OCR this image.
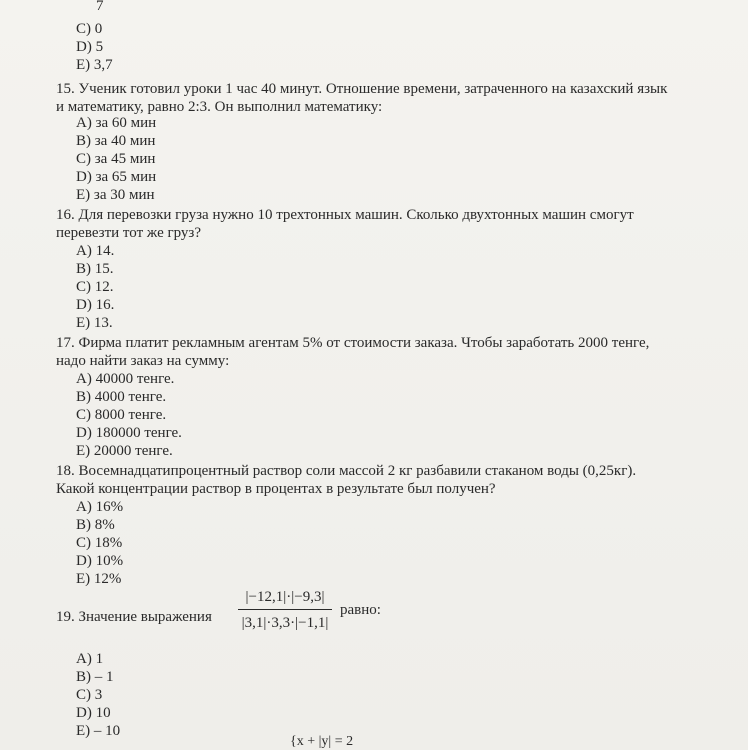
7
C) 0
D) 5
E) 3,7
15. Ученик готовил уроки 1 час 40 минут. Отношение времени, затраченного на казахский язык
и математику, равно 2:3. Он выполнил математику:
A) за 60 мин
B) за 40 мин
C) за 45 мин
D) за 65 мин
E) за 30 мин
16. Для перевозки груза нужно 10 трехтонных машин. Сколько двухтонных машин смогут
перевезти тот же груз?
A) 14.
B) 15.
C) 12.
D) 16.
E) 13.
17. Фирма платит рекламным агентам 5% от стоимости заказа. Чтобы заработать 2000 тенге,
надо найти заказ на сумму:
A) 40000 тенге.
B) 4000 тенге.
C) 8000 тенге.
D) 180000 тенге.
E) 20000 тенге.
18. Восемнадцатипроцентный раствор соли массой 2 кг разбавили стаканом воды (0,25кг).
Какой концентрации раствор в процентах в результате был получен?
A) 16%
B) 8%
C) 18%
D) 10%
E) 12%
19. Значение выражения
|−12,1|·|−9,3|
|3,1|·3,3·|−1,1|
равно:
A) 1
B) – 1
C) 3
D) 10
E) – 10
{x + |y| = 2
